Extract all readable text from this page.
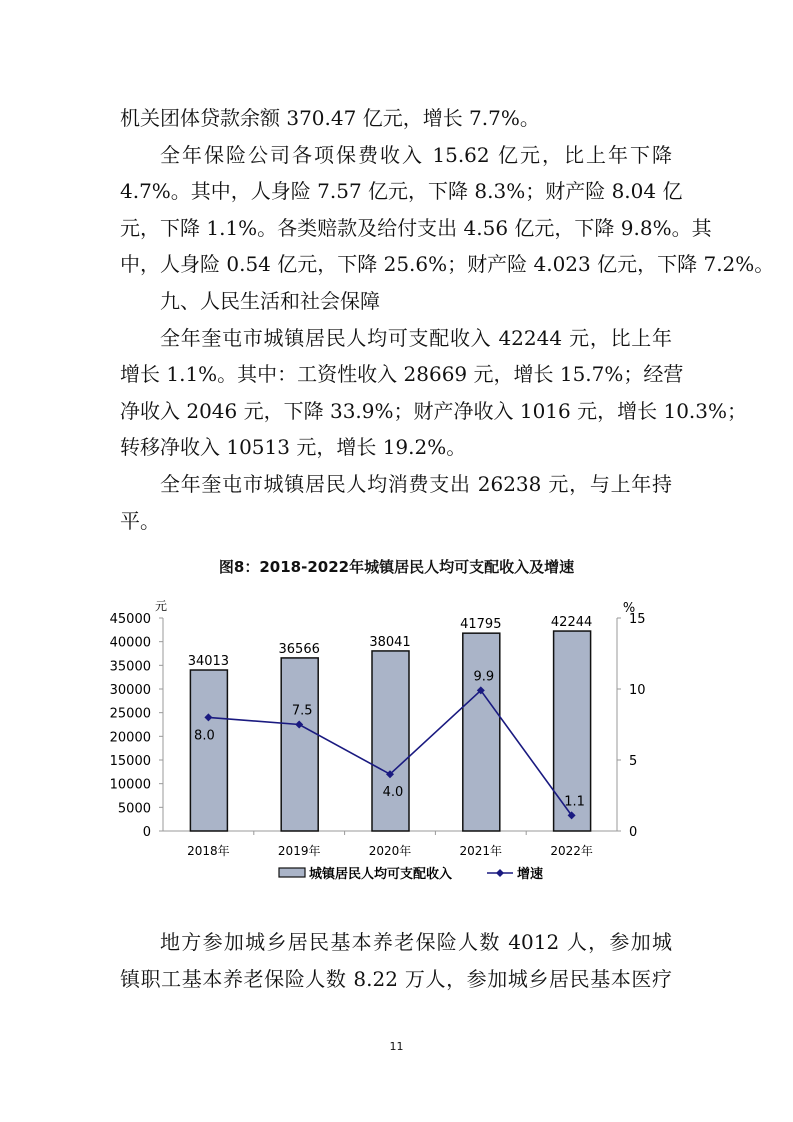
机关团体贷款余额 370.47 亿元，增长 7.7%。
全年保险公司各项保费收入 15.62 亿元，比上年下降
4.7%。其中，人身险 7.57 亿元，下降 8.3%；财产险 8.04 亿
元，下降 1.1%。各类赔款及给付支出 4.56 亿元，下降 9.8%。其
中，人身险 0.54 亿元，下降 25.6%；财产险 4.023 亿元，下降 7.2%。
九、人民生活和社会保障
全年奎屯市城镇居民人均可支配收入 42244 元，比上年
增长 1.1%。其中：工资性收入 28669 元，增长 15.7%；经营
净收入 2046 元，下降 33.9%；财产净收入 1016 元，增长 10.3%；
转移净收入 10513 元，增长 19.2%。
全年奎屯市城镇居民人均消费支出 26238 元，与上年持
平。
图8：2018-2022年城镇居民人均可支配收入及增速
0
5000
10000
15000
20000
25000
30000
35000
40000
45000
0
5
10
15
元	%
34013
2018年
36566
2019年
38041
2020年
41795
2021年
42244
2022年
8.0
7.5
4.0
9.9
1.1
城镇居民人均可支配收入	增速
地方参加城乡居民基本养老保险人数 4012 人，参加城
镇职工基本养老保险人数 8.22 万人，参加城乡居民基本医疗
11
